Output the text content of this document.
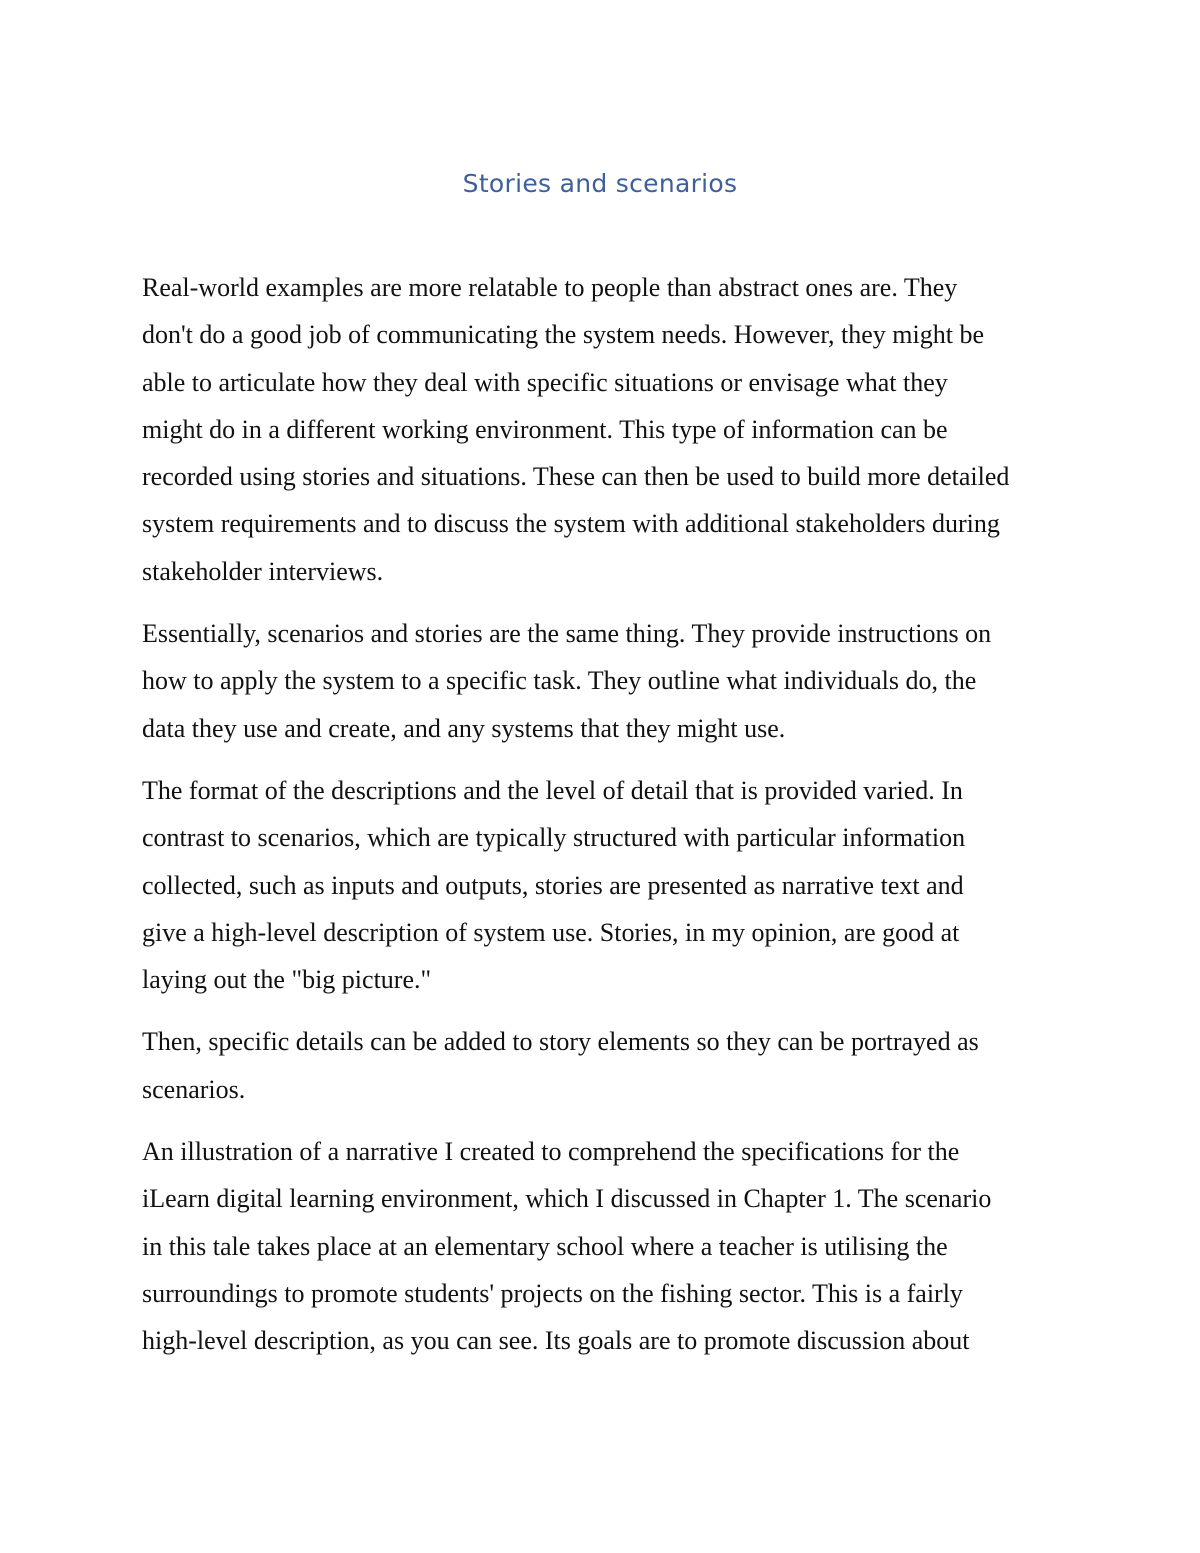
Stories and scenarios

Real-world examples are more relatable to people than abstract ones are. They
don't do a good job of communicating the system needs. However, they might be
able to articulate how they deal with specific situations or envisage what they
might do in a different working environment. This type of information can be
recorded using stories and situations. These can then be used to build more detailed
system requirements and to discuss the system with additional stakeholders during
stakeholder interviews.

Essentially, scenarios and stories are the same thing. They provide instructions on
how to apply the system to a specific task. They outline what individuals do, the
data they use and create, and any systems that they might use.

The format of the descriptions and the level of detail that is provided varied. In
contrast to scenarios, which are typically structured with particular information
collected, such as inputs and outputs, stories are presented as narrative text and
give a high-level description of system use. Stories, in my opinion, are good at
laying out the "big picture."

Then, specific details can be added to story elements so they can be portrayed as
scenarios.

An illustration of a narrative I created to comprehend the specifications for the
iLearn digital learning environment, which I discussed in Chapter 1. The scenario
in this tale takes place at an elementary school where a teacher is utilising the
surroundings to promote students' projects on the fishing sector. This is a fairly
high-level description, as you can see. Its goals are to promote discussion about
